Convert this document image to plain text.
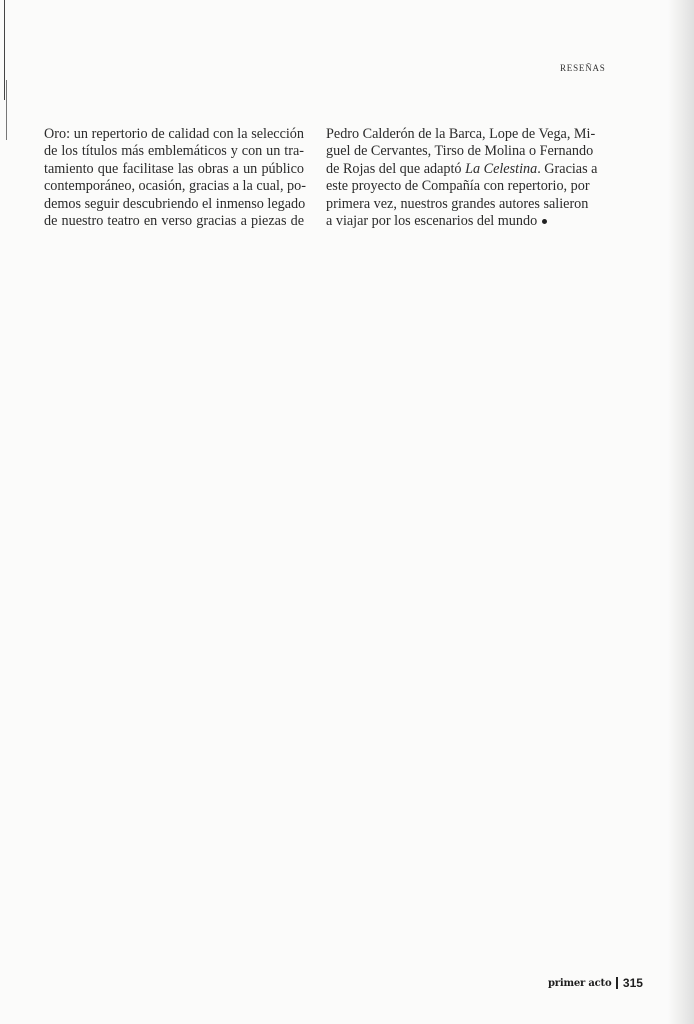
RESEÑAS
Oro: un repertorio de calidad con la selección
de los títulos más emblemáticos y con un tra-
tamiento que facilitase las obras a un público
contemporáneo, ocasión, gracias a la cual, po-
demos seguir descubriendo el inmenso legado
de nuestro teatro en verso gracias a piezas de
Pedro Calderón de la Barca, Lope de Vega, Mi-
guel de Cervantes, Tirso de Molina o Fernando
de Rojas del que adaptó La Celestina. Gracias a
este proyecto de Compañía con repertorio, por
primera vez, nuestros grandes autores salieron
a viajar por los escenarios del mundo
primer acto 315
